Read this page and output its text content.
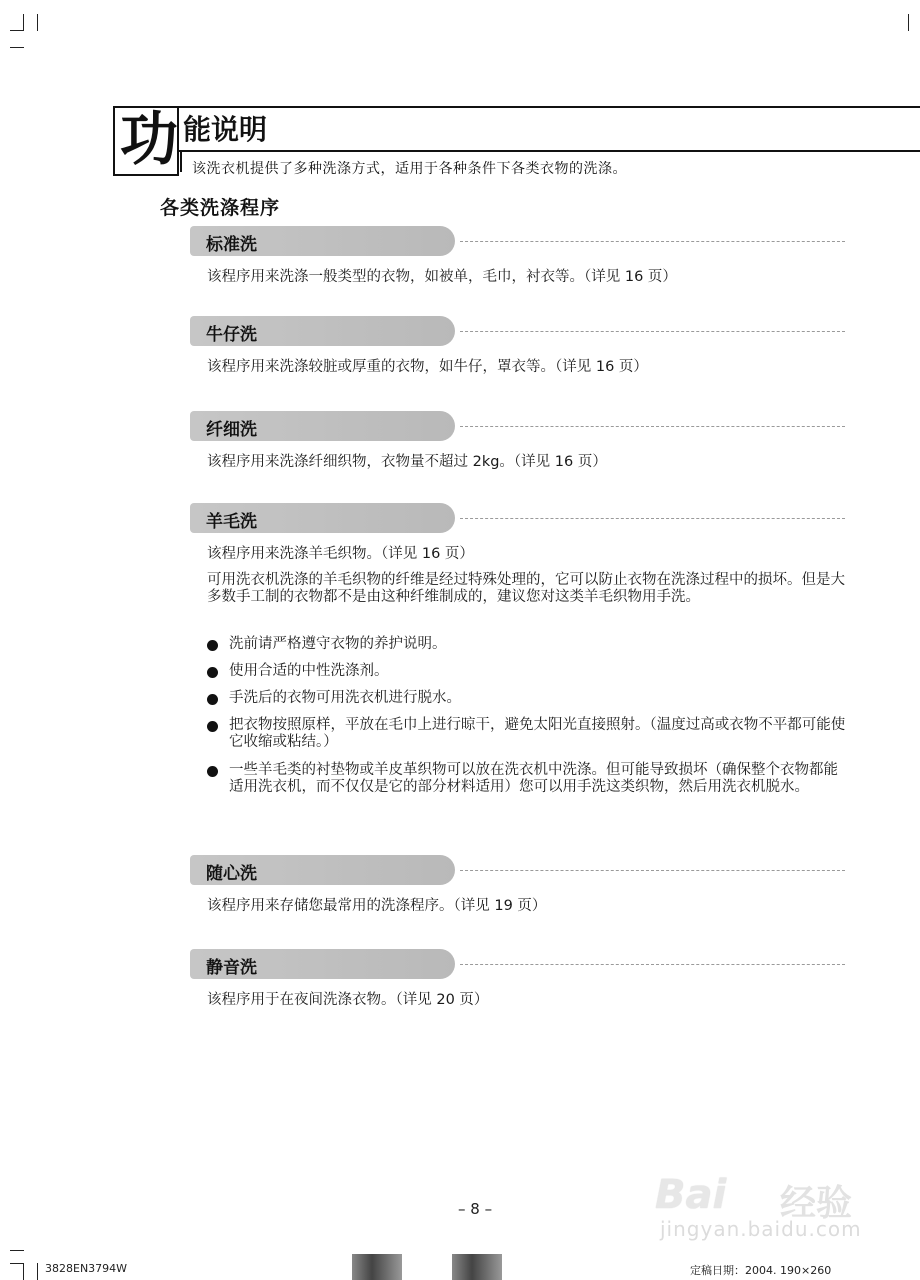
功 能说明
该洗衣机提供了多种洗涤方式，适用于各种条件下各类衣物的洗涤。
各类洗涤程序
标准洗
该程序用来洗涤一般类型的衣物，如被单，毛巾，衬衣等。（详见 16 页）
牛仔洗
该程序用来洗涤较脏或厚重的衣物，如牛仔，罩衣等。（详见 16 页）
纤细洗
该程序用来洗涤纤细织物，衣物量不超过 2kg。（详见 16 页）
羊毛洗
该程序用来洗涤羊毛织物。（详见 16 页）
可用洗衣机洗涤的羊毛织物的纤维是经过特殊处理的，它可以防止衣物在洗涤过程中的损坏。但是大多数手工制的衣物都不是由这种纤维制成的，建议您对这类羊毛织物用手洗。
洗前请严格遵守衣物的养护说明。
使用合适的中性洗涤剂。
手洗后的衣物可用洗衣机进行脱水。
把衣物按照原样，平放在毛巾上进行晾干，避免太阳光直接照射。（温度过高或衣物不平都可能使它收缩或粘结。）
一些羊毛类的衬垫物或羊皮革织物可以放在洗衣机中洗涤。但可能导致损坏（确保整个衣物都能适用洗衣机，而不仅仅是它的部分材料适用）您可以用手洗这类织物，然后用洗衣机脱水。
随心洗
该程序用来存储您最常用的洗涤程序。（详见 19 页）
静音洗
该程序用于在夜间洗涤衣物。（详见 20 页）
Bai 经验
jingyan.baidu.com
– 8 –
3828EN3794W	定稿日期：2004. 190×260
